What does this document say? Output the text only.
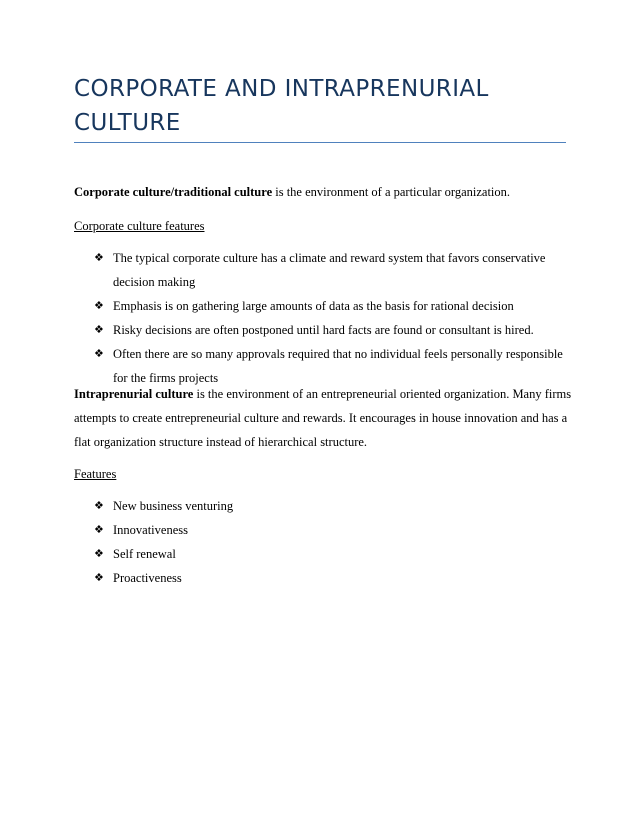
CORPORATE AND INTRAPRENURIAL
CULTURE

Corporate culture/traditional culture is the environment of a particular organization.

Corporate culture features

❖ The typical corporate culture has a climate and reward system that favors conservative decision making
❖ Emphasis is on gathering large amounts of data as the basis for rational decision
❖ Risky decisions are often postponed until hard facts are found or consultant is hired.
❖ Often there are so many approvals required that no individual feels personally responsible for the firms projects

Intraprenurial culture is the environment of an entrepreneurial oriented organization. Many firms attempts to create entrepreneurial culture and rewards. It encourages in house innovation and has a flat organization structure instead of hierarchical structure.

Features

❖ New business venturing
❖ Innovativeness
❖ Self renewal
❖ Proactiveness
